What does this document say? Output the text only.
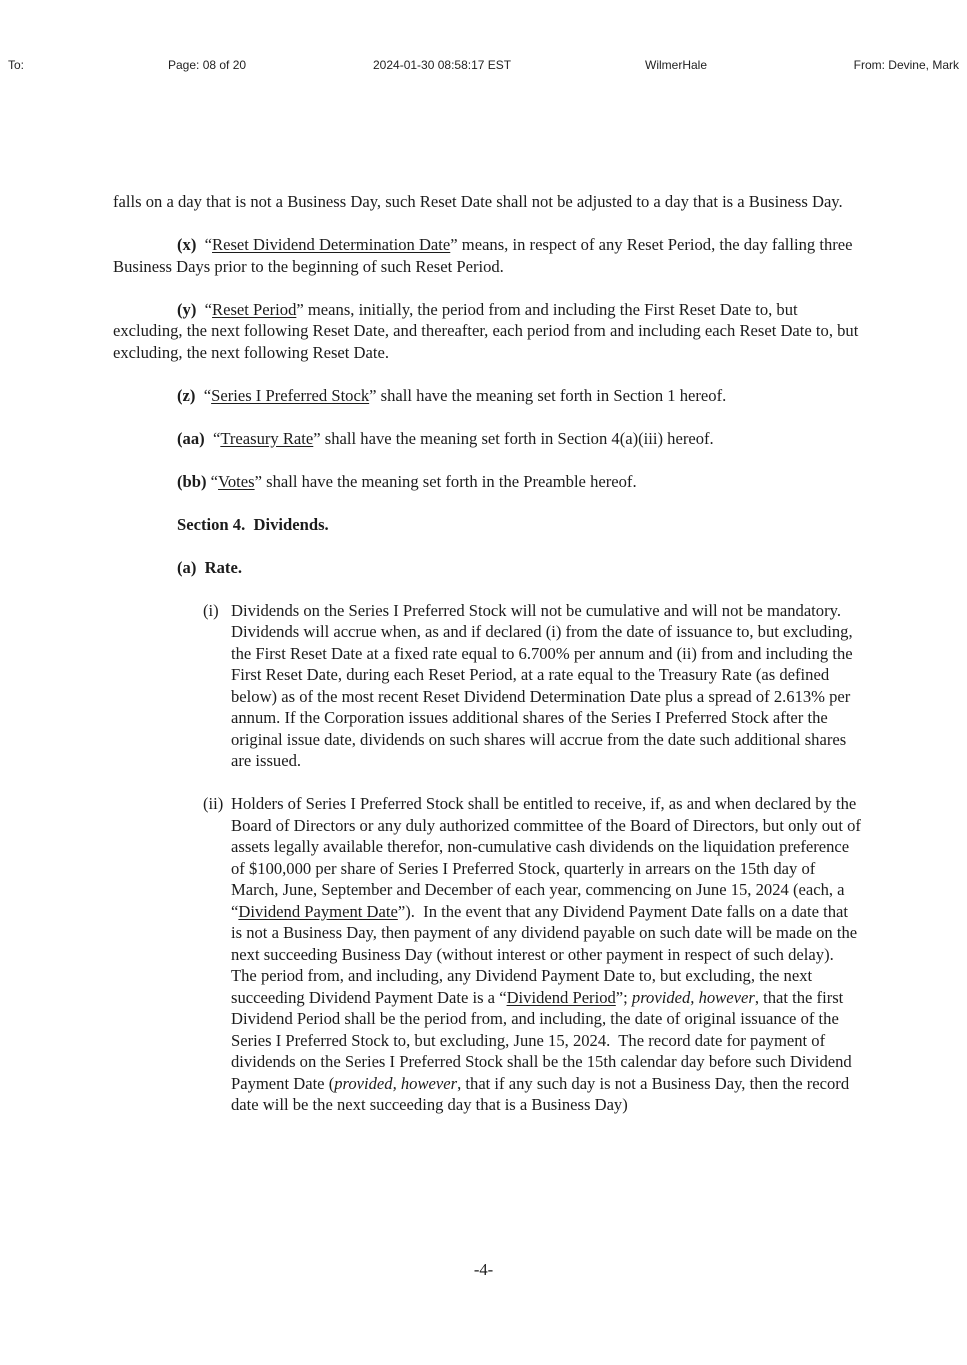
To:	Page: 08 of 20	2024-01-30 08:58:17 EST	WilmerHale	From: Devine, Mark

falls on a day that is not a Business Day, such Reset Date shall not be adjusted to a day that is a Business Day.

(x)  “Reset Dividend Determination Date” means, in respect of any Reset Period, the day falling three Business Days prior to the beginning of such Reset Period.

(y)  “Reset Period” means, initially, the period from and including the First Reset Date to, but excluding, the next following Reset Date, and thereafter, each period from and including each Reset Date to, but excluding, the next following Reset Date.

(z)  “Series I Preferred Stock” shall have the meaning set forth in Section 1 hereof.

(aa)  “Treasury Rate” shall have the meaning set forth in Section 4(a)(iii) hereof.

(bb) “Votes” shall have the meaning set forth in the Preamble hereof.

Section 4.  Dividends.

(a)  Rate.

(i) Dividends on the Series I Preferred Stock will not be cumulative and will not be mandatory.  Dividends will accrue when, as and if declared (i) from the date of issuance to, but excluding, the First Reset Date at a fixed rate equal to 6.700% per annum and (ii) from and including the First Reset Date, during each Reset Period, at a rate equal to the Treasury Rate (as defined below) as of the most recent Reset Dividend Determination Date plus a spread of 2.613% per annum. If the Corporation issues additional shares of the Series I Preferred Stock after the original issue date, dividends on such shares will accrue from the date such additional shares are issued.

(ii) Holders of Series I Preferred Stock shall be entitled to receive, if, as and when declared by the Board of Directors or any duly authorized committee of the Board of Directors, but only out of assets legally available therefor, non-cumulative cash dividends on the liquidation preference of $100,000 per share of Series I Preferred Stock, quarterly in arrears on the 15th day of March, June, September and December of each year, commencing on June 15, 2024 (each, a “Dividend Payment Date”).  In the event that any Dividend Payment Date falls on a date that is not a Business Day, then payment of any dividend payable on such date will be made on the next succeeding Business Day (without interest or other payment in respect of such delay). The period from, and including, any Dividend Payment Date to, but excluding, the next succeeding Dividend Payment Date is a “Dividend Period”; provided, however, that the first Dividend Period shall be the period from, and including, the date of original issuance of the Series I Preferred Stock to, but excluding, June 15, 2024.  The record date for payment of dividends on the Series I Preferred Stock shall be the 15th calendar day before such Dividend Payment Date (provided, however, that if any such day is not a Business Day, then the record date will be the next succeeding day that is a Business Day)

-4-
